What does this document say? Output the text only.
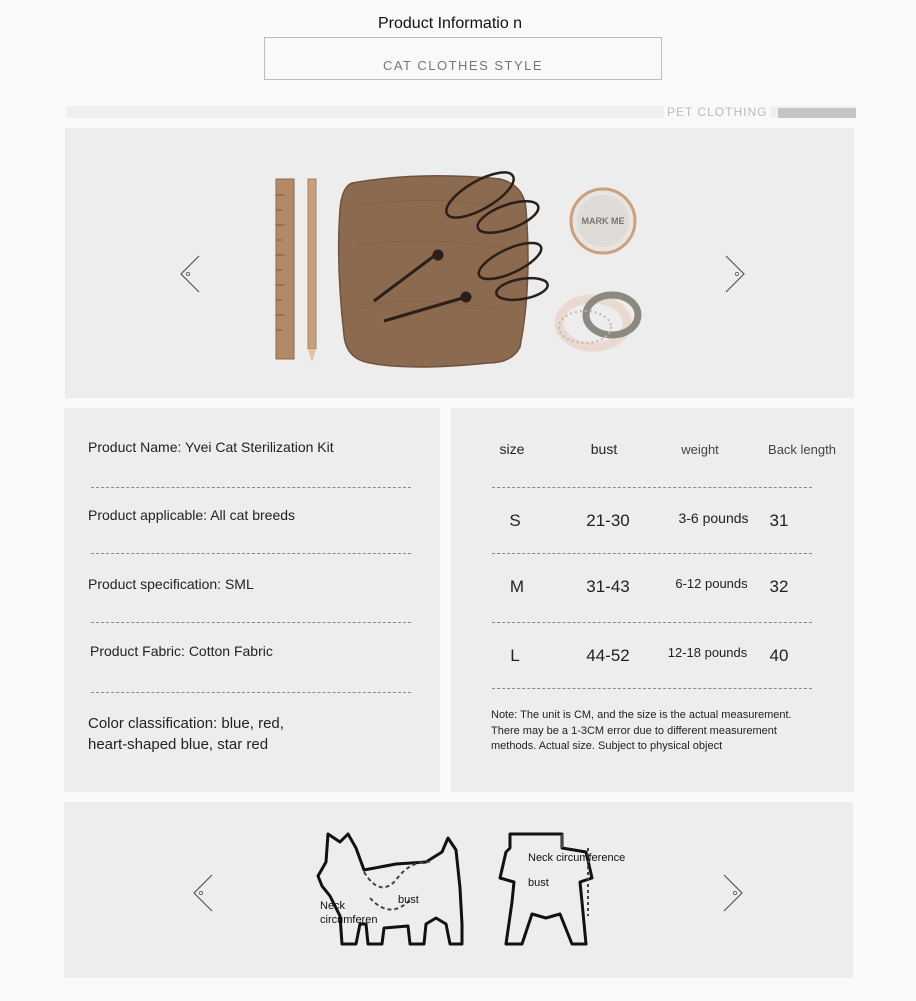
Product Informatio n
CAT CLOTHES STYLE
PET CLOTHING
MARK ME
Product Name: Yvei Cat Sterilization Kit
Product applicable: All cat breeds
Product specification: SML
Product Fabric: Cotton Fabric
Color classification: blue, red,
heart-shaped blue, star red
size	bust	weight	Back length
S	21-30	3-6 pounds	31
M	31-43	6-12 pounds	32
L	44-52	12-18 pounds	40
Note: The unit is CM, and the size is the actual measurement. There may be a 1-3CM error due to different measurement methods. Actual size. Subject to physical object
Neck
circumferen
bust
Neck circumference
bust
